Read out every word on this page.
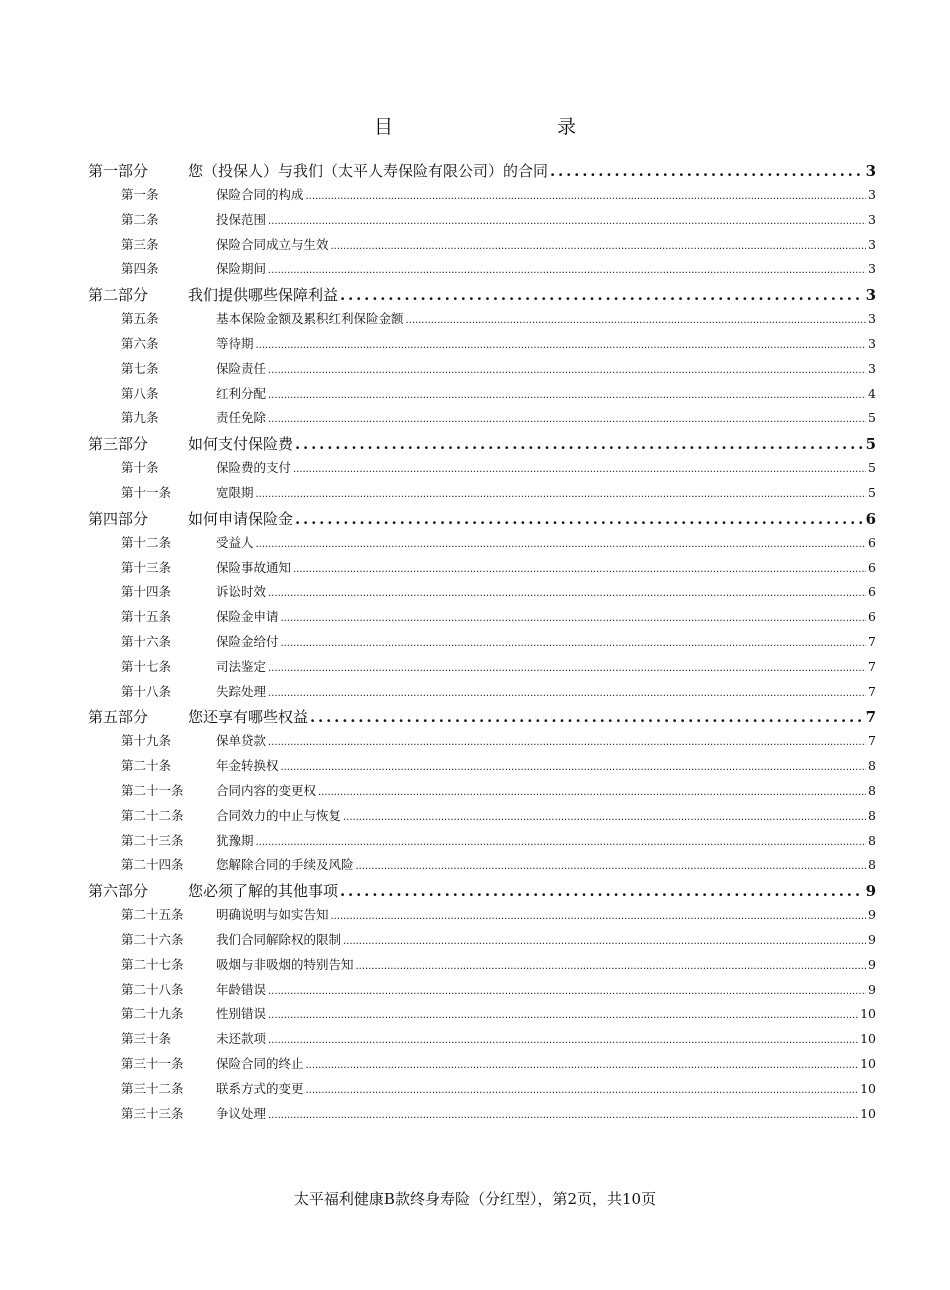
目　　录
第一部分	您（投保人）与我们（太平人寿保险有限公司）的合同 . . .	3
第一条	保险合同的构成 . . .	3
第二条	投保范围 . . .	3
第三条	保险合同成立与生效 . . .	3
第四条	保险期间 . . .	3
第二部分	我们提供哪些保障利益 . . .	3
第五条	基本保险金额及累积红利保险金额 . . .	3
第六条	等待期 . . .	3
第七条	保险责任 . . .	3
第八条	红利分配 . . .	4
第九条	责任免除 . . .	5
第三部分	如何支付保险费 . . .	5
第十条	保险费的支付 . . .	5
第十一条	宽限期 . . .	5
第四部分	如何申请保险金 . . .	6
第十二条	受益人 . . .	6
第十三条	保险事故通知 . . .	6
第十四条	诉讼时效 . . .	6
第十五条	保险金申请 . . .	6
第十六条	保险金给付 . . .	7
第十七条	司法鉴定 . . .	7
第十八条	失踪处理 . . .	7
第五部分	您还享有哪些权益 . . .	7
第十九条	保单贷款 . . .	7
第二十条	年金转换权 . . .	8
第二十一条	合同内容的变更权 . . .	8
第二十二条	合同效力的中止与恢复 . . .	8
第二十三条	犹豫期 . . .	8
第二十四条	您解除合同的手续及风险 . . .	8
第六部分	您必须了解的其他事项 . . .	9
第二十五条	明确说明与如实告知 . . .	9
第二十六条	我们合同解除权的限制 . . .	9
第二十七条	吸烟与非吸烟的特别告知 . . .	9
第二十八条	年龄错误 . . .	9
第二十九条	性别错误 . . .	10
第三十条	未还款项 . . .	10
第三十一条	保险合同的终止 . . .	10
第三十二条	联系方式的变更 . . .	10
第三十三条	争议处理 . . .	10
太平福利健康B款终身寿险（分红型），第2页，共10页
